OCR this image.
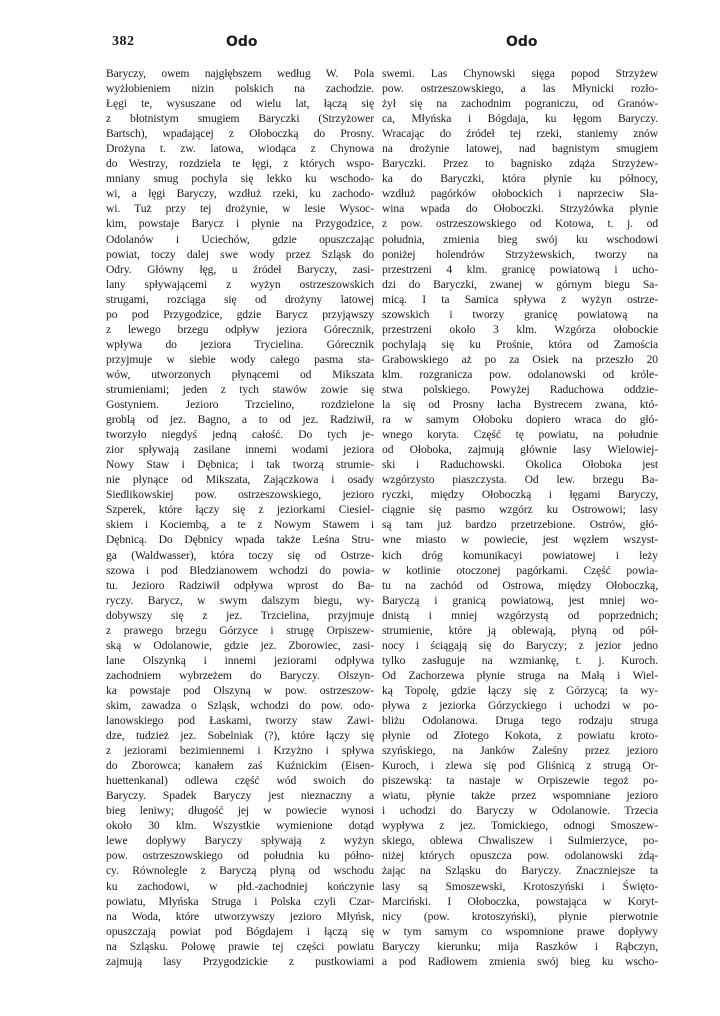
382	Odo	Odo

Baryczy, owem najgłębszem według W. Pola

wyżłobieniem nizin polskich na zachodzie.

Łęgi te, wysuszane od wielu lat, łączą się

z błotnistym smugiem Baryczki (Strzyżower

Bartsch), wpadającej z Ołoboczką do Prosny.

Drożyna t. zw. latowa, wiodąca z Chynowa

do Westrzy, rozdziela te łęgi, z których wspo-

mniany smug pochyla się lekko ku wschodo-

wi, a łęgi Baryczy, wzdłuż rzeki, ku zachodo-

wi. Tuż przy tej drożynie, w lesie Wysoc-

kim, powstaje Barycz i płynie na Przygodzice,

Odolanów i Uciechów, gdzie opuszczając

powiat, toczy dalej swe wody przez Szląsk do

Odry. Główny łęg, u źródeł Baryczy, zasi-

lany spływającemi z wyżyn ostrzeszowskich

strugami, rozciąga się od drożyny latowej

po pod Przygodzice, gdzie Barycz przyjąwszy

z lewego brzegu odpływ jeziora Górecznik,

wpływa do jeziora Trycielina. Górecznik

przyjmuje w siebie wody całego pasma sta-

wów, utworzonych płynącemi od Mikszata

strumieniami; jeden z tych stawów zowie się

Gostyniem. Jezioro Trzcielino, rozdzielone

groblą od jez. Bagno, a to od jez. Radziwił,

tworzyło niegdyś jedną całość. Do tych je-

zior spływają zasilane innemi wodami jeziora

Nowy Staw i Dębnica; i tak tworzą strumie-

nie płynące od Mikszata, Zajączkowa i osady

Siedlikowskiej pow. ostrzeszowskiego, jezioro

Szperek, które łączy się z jeziorkami Ciesiel-

skiem i Kociembą, a te z Nowym Stawem i

Dębnicą. Do Dębnicy wpada także Leśna Stru-

ga (Waldwasser), która toczy się od Ostrze-

szowa i pod Bledzianowem wchodzi do powia-

tu. Jezioro Radziwił odpływa wprost do Ba-

ryczy. Barycz, w swym dalszym biegu, wy-

dobywszy się z jez. Trzcielina, przyjmuje

z prawego brzegu Górzyce i strugę Orpiszew-

ską w Odolanowie, gdzie jez. Zborowiec, zasi-

lane Olszynką i innemi jeziorami odpływa

zachodniem wybrzeżem do Baryczy. Olszyn-

ka powstaje pod Olszyną w pow. ostrzeszow-

skim, zawadza o Szląsk, wchodzi do pow. odo-

lanowskiego pod Łaskami, tworzy staw Zawi-

dze, tudzież jez. Sobelniak (?), które łączy się

z jeziorami bezimiennemi i Krzyżno i spływa

do Zborowca; kanałem zaś Kuźnickim (Eisen-

huettenkanal) odlewa część wód swoich do

Baryczy. Spadek Baryczy jest nieznaczny a

bieg leniwy; długość jej w powiecie wynosi

około 30 klm. Wszystkie wymienione dotąd

lewe dopływy Baryczy spływają z wyżyn

pow. ostrzeszowskiego od południa ku półno-

cy. Równolegle z Baryczą płyną od wschodu

ku zachodowi, w płd.-zachodniej kończynie

powiatu, Młyńska Struga i Polska czyli Czar-

na Woda, które utworzywszy jezioro Młyńsk,

opuszczają powiat pod Bógdajem i łączą się

na Szląsku. Połowę prawie tej części powiatu

zajmują lasy Przygodzickie z pustkowiami

swemi. Las Chynowski sięga popod Strzyżew

pow. ostrzeszowskiego, a las Młynicki rozło-

żył się na zachodnim pograniczu, od Granów-

ca, Młyńska i Bógdaja, ku łęgom Baryczy.

Wracając do źródeł tej rzeki, staniemy znów

na drożynie latowej, nad bagnistym smugiem

Baryczki. Przez to bagnisko zdąża Strzyżew-

ka do Baryczki, która płynie ku północy,

wzdłuż pagórków ołobockich i naprzeciw Sła-

wina wpada do Ołoboczki. Strzyżówka płynie

z pow. ostrzeszowskiego od Kotowa, t. j. od

południa, zmienia bieg swój ku wschodowi

poniżej holendrów Strzyżewskich, tworzy na

przestrzeni 4 klm. granicę powiatową i ucho-

dzi do Baryczki, zwanej w górnym biegu Sa-

micą. I ta Samica spływa z wyżyn ostrze-

szowskich i tworzy granicę powiatową na

przestrzeni około 3 klm. Wzgórza ołobockie

pochylają się ku Prośnie, która od Zamościa

Grabowskiego aż po za Osiek na przeszło 20

klm. rozgranicza pow. odolanowski od króle-

stwa polskiego. Powyżej Raduchowa oddzie-

la się od Prosny łacha Bystrecem zwana, któ-

ra w samym Ołoboku dopiero wraca do głó-

wnego koryta. Część tę powiatu, na południe

od Ołoboka, zajmują głównie lasy Wielowiej-

ski i Raduchowski. Okolica Ołoboka jest

wzgórzysto piaszczysta. Od lew. brzegu Ba-

ryczki, między Ołoboczką i łęgami Baryczy,

ciągnie się pasmo wzgórz ku Ostrowowi; lasy

są tam już bardzo przetrzebione. Ostrów, głó-

wne miasto w powiecie, jest węzłem wszyst-

kich dróg komunikacyi powiatowej i leży

w kotlinie otoczonej pagórkami. Część powia-

tu na zachód od Ostrowa, między Ołoboczką,

Baryczą i granicą powiatową, jest mniej wo-

dnistą i mniej wzgórzystą od poprzednich;

strumienie, które ją oblewają, płyną od pół-

nocy i ściągają się do Baryczy; z jezior jedno

tylko zasługuje na wzmiankę, t. j. Kuroch.

Od Zachorzewa płynie struga na Małą i Wiel-

ką Topolę, gdzie łączy się z Górzycą; ta wy-

pływa z jeziorka Górzyckiego i uchodzi w po-

bliżu Odolanowa. Druga tego rodzaju struga

płynie od Złotego Kokota, z powiatu kroto-

szyńskiego, na Janków Zaleśny przez jezioro

Kuroch, i zlewa się pod Gliśnicą z strugą Or-

piszewską: ta nastaje w Orpiszewie tegoż po-

wiatu, płynie także przez wspomniane jezioro

i uchodzi do Baryczy w Odolanowie. Trzecia

wypływa z jez. Tomickiego, odnogi Smoszew-

skiego, oblewa Chwaliszew i Sulmierzyce, po-

niżej których opuszcza pow. odolanowski zdą-

żając na Szląsku do Baryczy. Znaczniejsze ta

lasy są Smoszewski, Krotoszyński i Święto-

Marciński. I Ołoboczka, powstająca w Koryt-

nicy (pow. krotoszyński), płynie pierwotnie

w tym samym co wspomnione prawe dopływy

Baryczy kierunku; mija Raszków i Rąbczyn,

a pod Radłowem zmienia swój bieg ku wscho-
